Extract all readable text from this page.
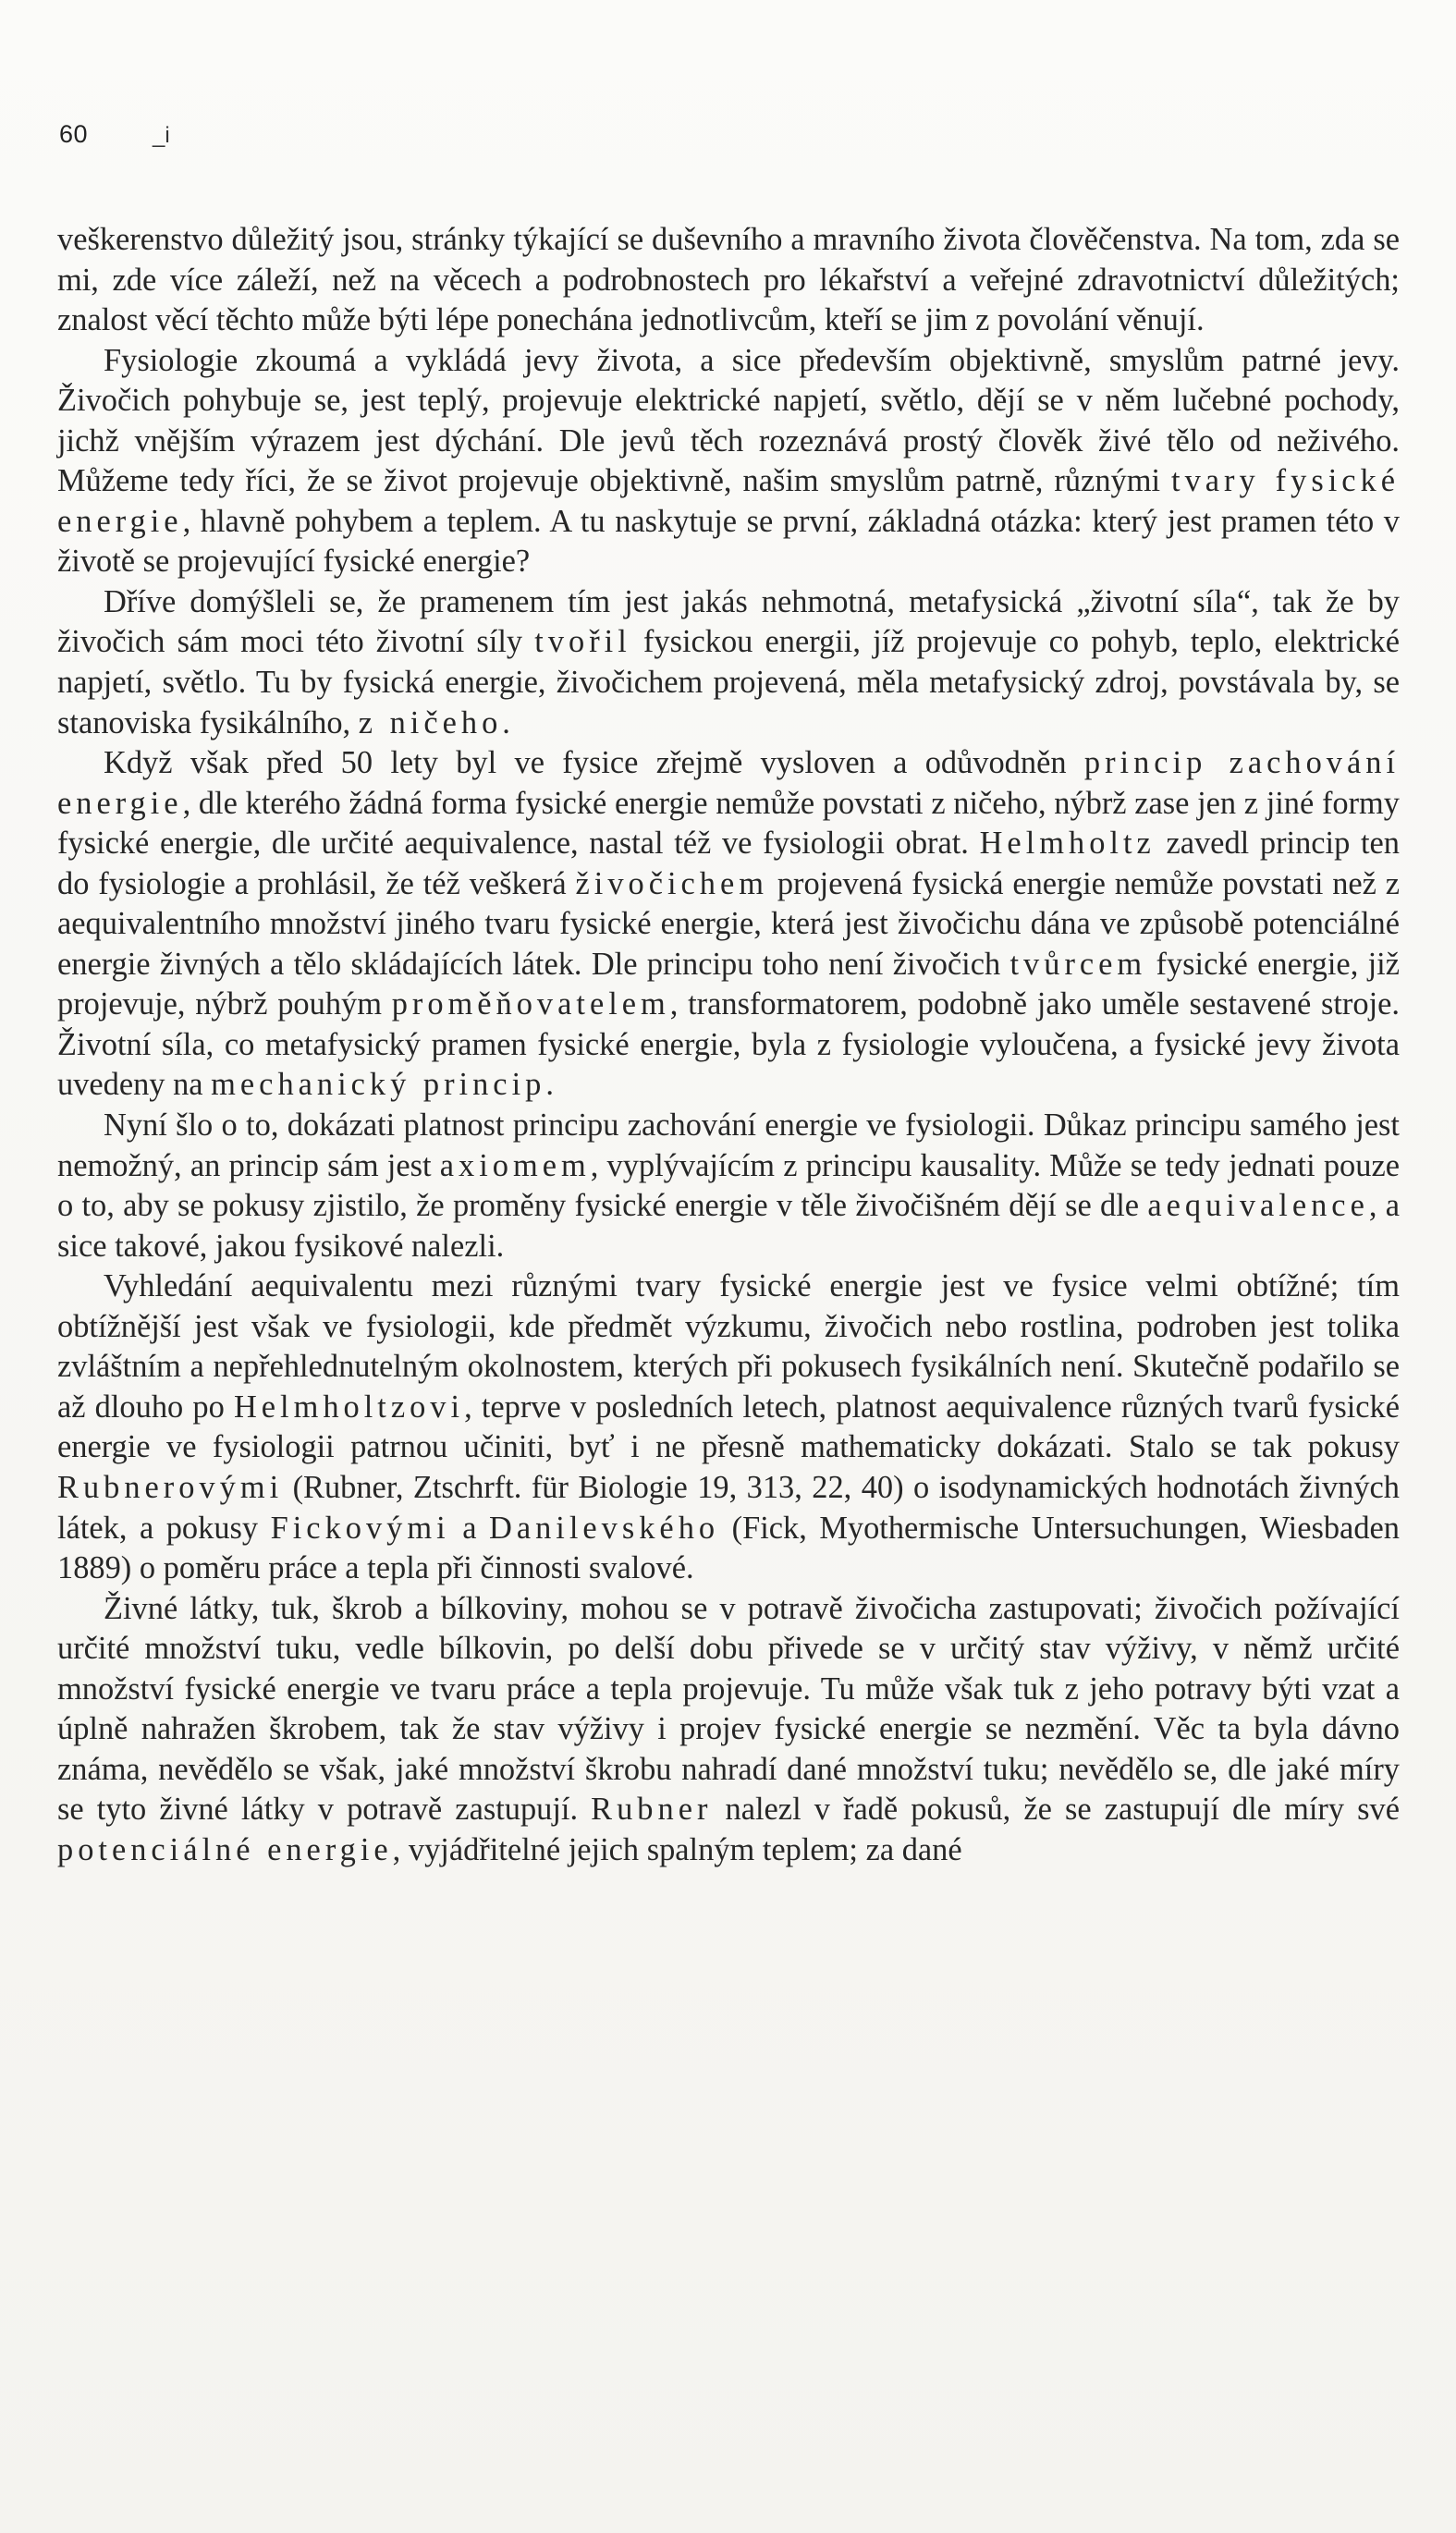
60	_i

veškerenstvo důležitý jsou, stránky týkající se duševního a mravního života člověčenstva. Na tom, zda se mi, zde více záleží, než na věcech a podrobnostech pro lékařství a veřejné zdravotnictví důležitých; znalost věcí těchto může býti lépe ponechána jednotlivcům, kteří se jim z povolání věnují.

Fysiologie zkoumá a vykládá jevy života, a sice především objektivně, smyslům patrné jevy. Živočich pohybuje se, jest teplý, projevuje elektrické napjetí, světlo, dějí se v něm lučebné pochody, jichž vnějším výrazem jest dýchání. Dle jevů těch rozeznává prostý člověk živé tělo od neživého. Můžeme tedy říci, že se život projevuje objektivně, našim smyslům patrně, různými tvary fysické energie, hlavně pohybem a teplem. A tu naskytuje se první, základná otázka: který jest pramen této v životě se projevující fysické energie?

Dříve domýšleli se, že pramenem tím jest jakás nehmotná, metafysická „životní síla“, tak že by živočich sám moci této životní síly tvořil fysickou energii, jíž projevuje co pohyb, teplo, elektrické napjetí, světlo. Tu by fysická energie, živočichem projevená, měla metafysický zdroj, povstávala by, se stanoviska fysikálního, z ničeho.

Když však před 50 lety byl ve fysice zřejmě vysloven a odůvodněn princip zachování energie, dle kterého žádná forma fysické energie nemůže povstati z ničeho, nýbrž zase jen z jiné formy fysické energie, dle určité aequivalence, nastal též ve fysiologii obrat. Helmholtz zavedl princip ten do fysiologie a prohlásil, že též veškerá živočichem projevená fysická energie nemůže povstati než z aequivalentního množství jiného tvaru fysické energie, která jest živočichu dána ve způsobě potenciálné energie živných a tělo skládajících látek. Dle principu toho není živočich tvůrcem fysické energie, již projevuje, nýbrž pouhým proměňovatelem, transformatorem, podobně jako uměle sestavené stroje. Životní síla, co metafysický pramen fysické energie, byla z fysiologie vyloučena, a fysické jevy života uvedeny na mechanický princip.

Nyní šlo o to, dokázati platnost principu zachování energie ve fysiologii. Důkaz principu samého jest nemožný, an princip sám jest axiomem, vyplývajícím z principu kausality. Může se tedy jednati pouze o to, aby se pokusy zjistilo, že proměny fysické energie v těle živočišném dějí se dle aequivalence, a sice takové, jakou fysikové nalezli.

Vyhledání aequivalentu mezi různými tvary fysické energie jest ve fysice velmi obtížné; tím obtížnější jest však ve fysiologii, kde předmět výzkumu, živočich nebo rostlina, podroben jest tolika zvláštním a nepřehlednutelným okolnostem, kterých při pokusech fysikálních není. Skutečně podařilo se až dlouho po Helmholtzovi, teprve v posledních letech, platnost aequivalence různých tvarů fysické energie ve fysiologii patrnou učiniti, byť i ne přesně mathematicky dokázati. Stalo se tak pokusy Rubnerovými (Rubner, Ztschrft. für Biologie 19, 313, 22, 40) o isodynamických hodnotách živných látek, a pokusy Fickovými a Danilevského (Fick, Myothermische Untersuchungen, Wiesbaden 1889) o poměru práce a tepla při činnosti svalové.

Živné látky, tuk, škrob a bílkoviny, mohou se v potravě živočicha zastupovati; živočich požívající určité množství tuku, vedle bílkovin, po delší dobu přivede se v určitý stav výživy, v němž určité množství fysické energie ve tvaru práce a tepla projevuje. Tu může však tuk z jeho potravy býti vzat a úplně nahražen škrobem, tak že stav výživy i projev fysické energie se nezmění. Věc ta byla dávno známa, nevědělo se však, jaké množství škrobu nahradí dané množství tuku; nevědělo se, dle jaké míry se tyto živné látky v potravě zastupují. Rubner nalezl v řadě pokusů, že se zastupují dle míry své potenciálné energie, vyjádřitelné jejich spalným teplem; za dané
